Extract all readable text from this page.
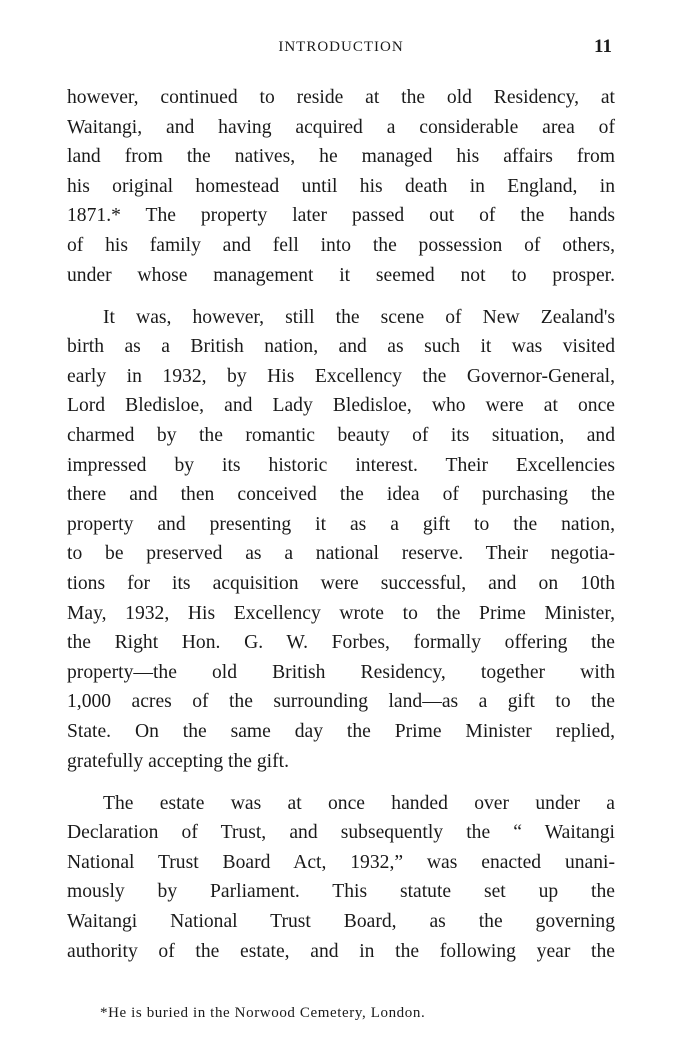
INTRODUCTION	11

however, continued to reside at the old Residency, at
Waitangi, and having acquired a considerable area of
land from the natives, he managed his affairs from
his original homestead until his death in England, in
1871.* The property later passed out of the hands
of his family and fell into the possession of others,
under whose management it seemed not to prosper.

It was, however, still the scene of New Zealand's
birth as a British nation, and as such it was visited
early in 1932, by His Excellency the Governor-General,
Lord Bledisloe, and Lady Bledisloe, who were at once
charmed by the romantic beauty of its situation, and
impressed by its historic interest. Their Excellencies
there and then conceived the idea of purchasing the
property and presenting it as a gift to the nation,
to be preserved as a national reserve. Their negotia-
tions for its acquisition were successful, and on 10th
May, 1932, His Excellency wrote to the Prime Minister,
the Right Hon. G. W. Forbes, formally offering the
property—the old British Residency, together with
1,000 acres of the surrounding land—as a gift to the
State. On the same day the Prime Minister replied,
gratefully accepting the gift.

The estate was at once handed over under a
Declaration of Trust, and subsequently the “ Waitangi
National Trust Board Act, 1932,” was enacted unani-
mously by Parliament. This statute set up the
Waitangi National Trust Board, as the governing
authority of the estate, and in the following year the

*He is buried in the Norwood Cemetery, London.
